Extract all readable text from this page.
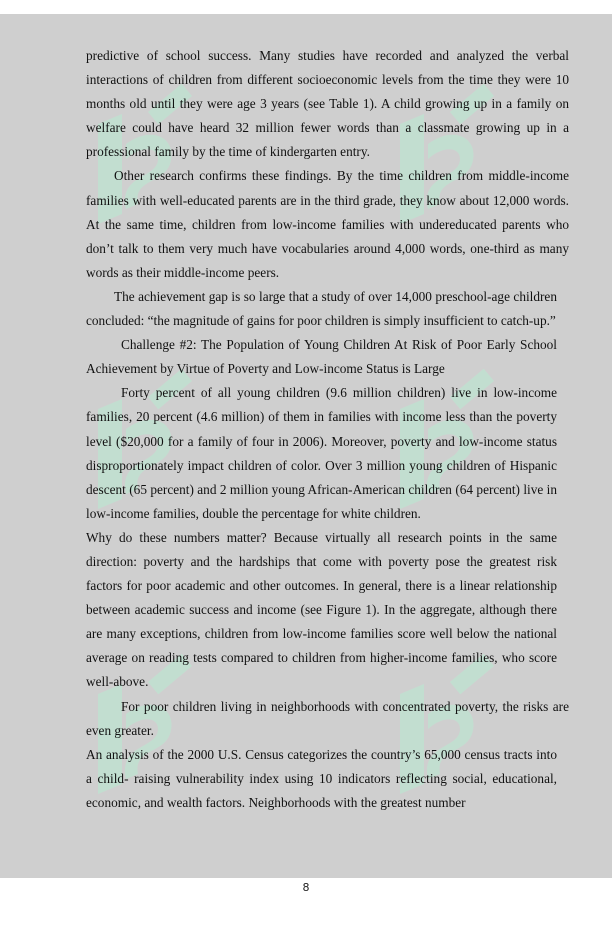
predictive of school success. Many studies have recorded and analyzed the verbal interactions of children from different socioeconomic levels from the time they were 10 months old until they were age 3 years (see Table 1). A child growing up in a family on welfare could have heard 32 million fewer words than a classmate growing up in a professional family by the time of kindergarten entry.

Other research confirms these findings. By the time children from middle-income families with well-educated parents are in the third grade, they know about 12,000 words. At the same time, children from low-income families with undereducated parents who don’t talk to them very much have vocabularies around 4,000 words, one-third as many words as their middle-income peers.

The achievement gap is so large that a study of over 14,000 preschool-age children concluded: “the magnitude of gains for poor children is simply insufficient to catch-up.”

Challenge #2: The Population of Young Children At Risk of Poor Early School Achievement by Virtue of Poverty and Low-income Status is Large

Forty percent of all young children (9.6 million children) live in low-income families, 20 percent (4.6 million) of them in families with income less than the poverty level ($20,000 for a family of four in 2006). Moreover, poverty and low-income status disproportionately impact children of color. Over 3 million young children of Hispanic descent (65 percent) and 2 million young African-American children (64 percent) live in low-income families, double the percentage for white children.

Why do these numbers matter? Because virtually all research points in the same direction: poverty and the hardships that come with poverty pose the greatest risk factors for poor academic and other outcomes. In general, there is a linear relationship between academic success and income (see Figure 1). In the aggregate, although there are many exceptions, children from low-income families score well below the national average on reading tests compared to children from higher-income families, who score well-above.

For poor children living in neighborhoods with concentrated poverty, the risks are even greater.

An analysis of the 2000 U.S. Census categorizes the country’s 65,000 census tracts into a child- raising vulnerability index using 10 indicators reflecting social, educational, economic, and wealth factors. Neighborhoods with the greatest number

8
